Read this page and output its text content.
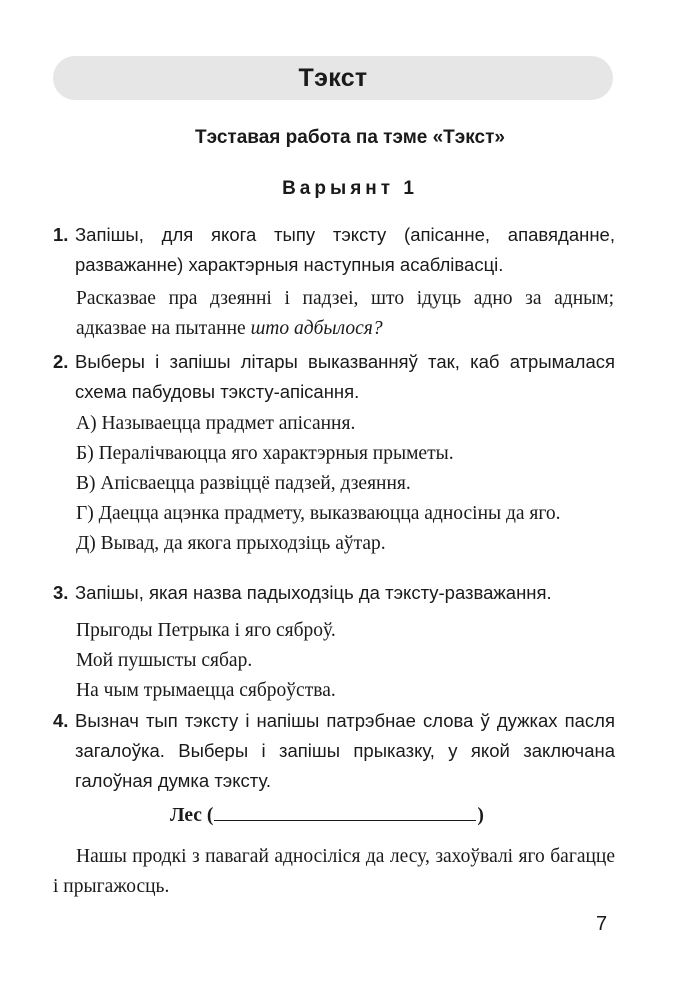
Тэкст
Тэставая работа па тэме «Тэкст»
Варыянт 1
1. Запішы, для якога тыпу тэксту (апісанне, апавяданне, разважанне) характэрныя наступныя асаблівасці.

Расказвае пра дзеянні і падзеі, што ідуць адно за адным; адказвае на пытанне што адбылося?

2. Выберы і запішы літары выказванняў так, каб атрымалася схема пабудовы тэксту-апісання.

А) Называецца прадмет апісання.

Б) Пералічваюцца яго характэрныя прыметы.

В) Апісваецца развіццё падзей, дзеяння.

Г) Даецца ацэнка прадмету, выказваюцца адносіны да яго.

Д) Вывад, да якога прыходзіць аўтар.

3. Запішы, якая назва падыходзіць да тэксту-разважання.

Прыгоды Петрыка і яго сяброў.

Мой пушысты сябар.

На чым трымаецца сяброўства.

4. Вызнач тып тэксту і напішы патрэбнае слова ў дужках пасля загалоўка. Выберы і запішы прыказку, у якой заключана галоўная думка тэксту.
Лес (	)

Нашы продкі з павагай адносіліся да лесу, захоўвалі яго багацце і прыгажосць.

7
